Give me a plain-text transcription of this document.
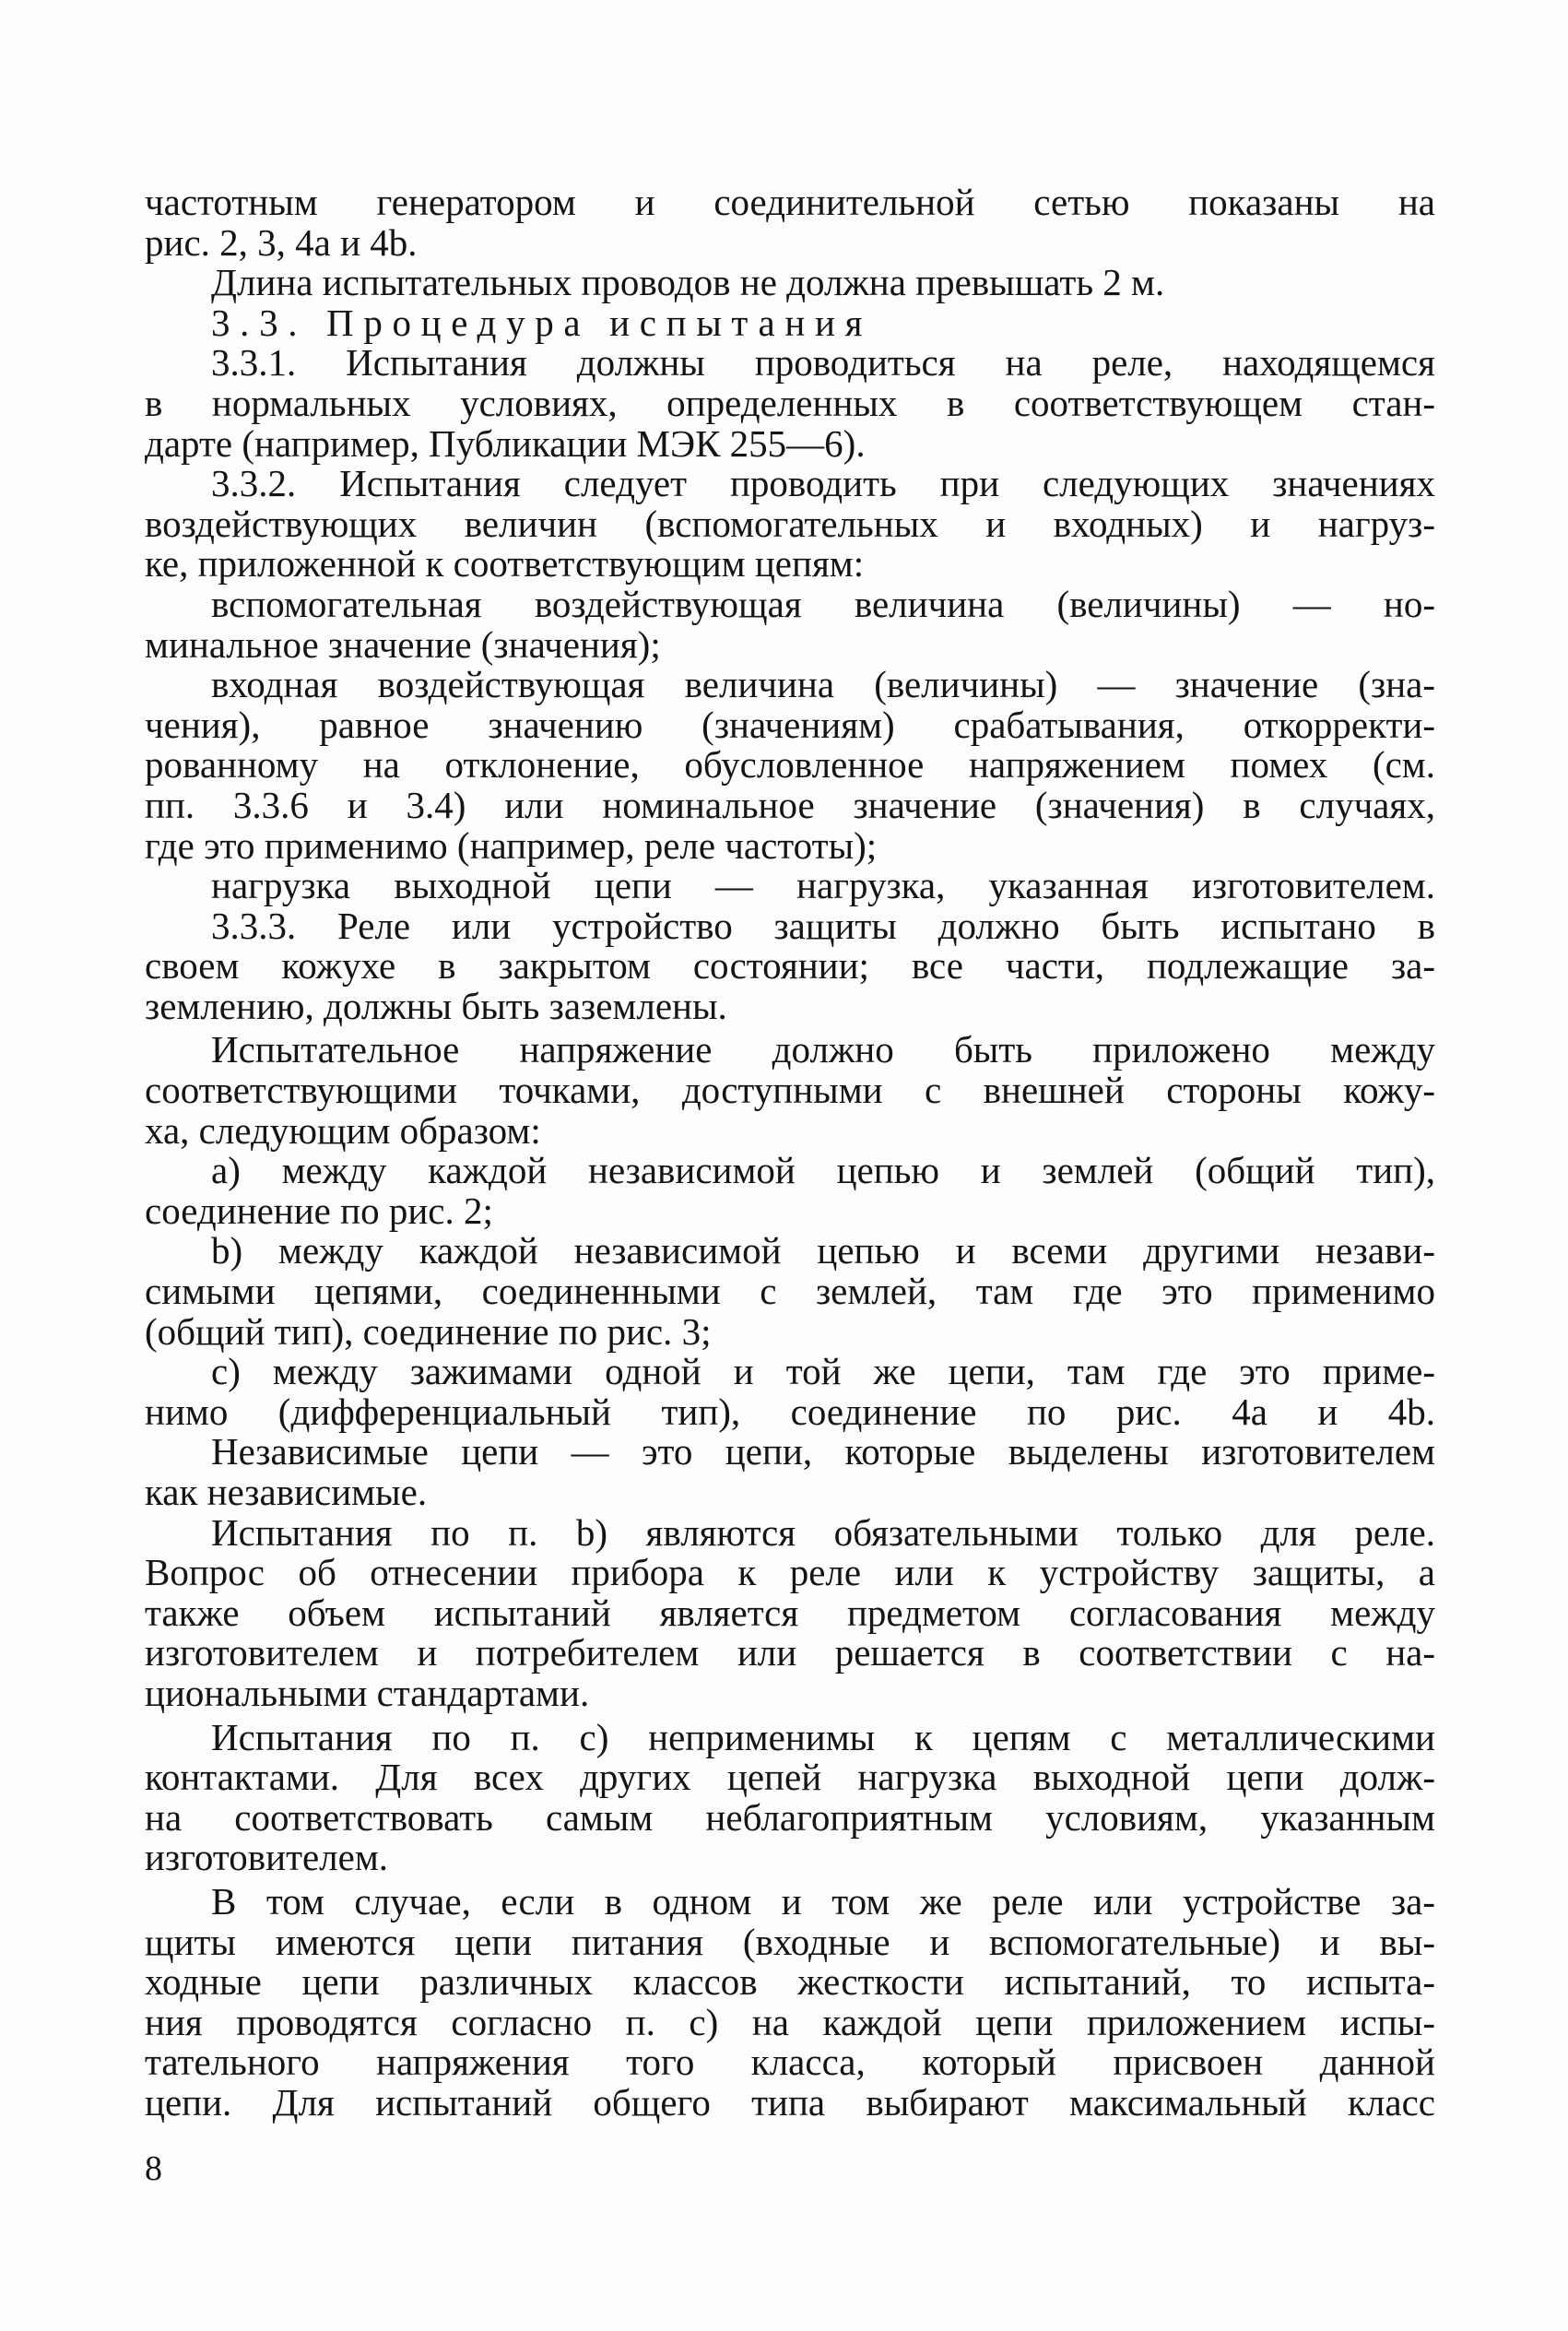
частотным генератором и соединительной сетью показаны на
рис. 2, 3, 4а и 4b.
Длина испытательных проводов не должна превышать 2 м.
3.3. Процедура испытания
3.3.1. Испытания должны проводиться на реле, находящемся
в нормальных условиях, определенных в соответствующем стан-
дарте (например, Публикации МЭК 255—6).
3.3.2. Испытания следует проводить при следующих значениях
воздействующих величин (вспомогательных и входных) и нагруз-
ке, приложенной к соответствующим цепям:
вспомогательная воздействующая величина (величины) — но-
минальное значение (значения);
входная воздействующая величина (величины) — значение (зна-
чения), равное значению (значениям) срабатывания, откорректи-
рованному на отклонение, обусловленное напряжением помех (см.
пп. 3.3.6 и 3.4) или номинальное значение (значения) в случаях,
где это применимо (например, реле частоты);
нагрузка выходной цепи — нагрузка, указанная изготовителем.
3.3.3. Реле или устройство защиты должно быть испытано в
своем кожухе в закрытом состоянии; все части, подлежащие за-
землению, должны быть заземлены.
Испытательное напряжение должно быть приложено между
соответствующими точками, доступными с внешней стороны кожу-
ха, следующим образом:
а) между каждой независимой цепью и землей (общий тип),
соединение по рис. 2;
b) между каждой независимой цепью и всеми другими незави-
симыми цепями, соединенными с землей, там где это применимо
(общий тип), соединение по рис. 3;
с) между зажимами одной и той же цепи, там где это приме-
нимо (дифференциальный тип), соединение по рис. 4а и 4b.
Независимые цепи — это цепи, которые выделены изготовителем
как независимые.
Испытания по п. b) являются обязательными только для реле.
Вопрос об отнесении прибора к реле или к устройству защиты, а
также объем испытаний является предметом согласования между
изготовителем и потребителем или решается в соответствии с на-
циональными стандартами.
Испытания по п. с) неприменимы к цепям с металлическими
контактами. Для всех других цепей нагрузка выходной цепи долж-
на соответствовать самым неблагоприятным условиям, указанным
изготовителем.
В том случае, если в одном и том же реле или устройстве за-
щиты имеются цепи питания (входные и вспомогательные) и вы-
ходные цепи различных классов жесткости испытаний, то испыта-
ния проводятся согласно п. с) на каждой цепи приложением испы-
тательного напряжения того класса, который присвоен данной
цепи. Для испытаний общего типа выбирают максимальный класс
8
